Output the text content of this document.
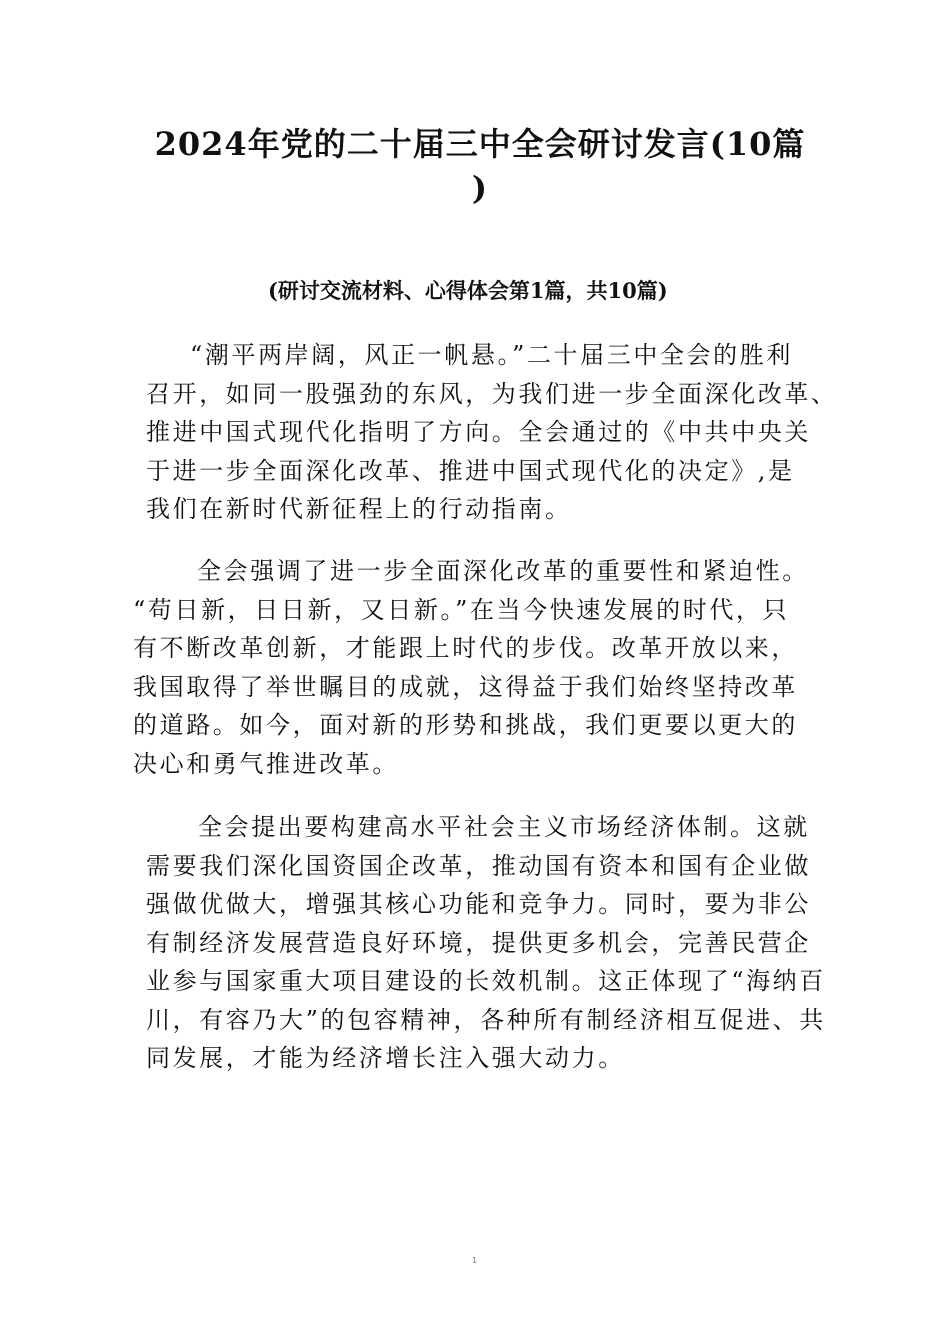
2024年党的二十届三中全会研讨发言(10篇 )
(研讨交流材料、心得体会第1篇，共10篇)
“潮平两岸阔，风正一帆悬。”二十届三中全会的胜利
召开，如同一股强劲的东风，为我们进一步全面深化改革、
推进中国式现代化指明了方向。全会通过的《中共中央关
于进一步全面深化改革、推进中国式现代化的决定》,是
我们在新时代新征程上的行动指南。
全会强调了进一步全面深化改革的重要性和紧迫性。
“苟日新，日日新，又日新。”在当今快速发展的时代，只
有不断改革创新，才能跟上时代的步伐。改革开放以来，
我国取得了举世瞩目的成就，这得益于我们始终坚持改革
的道路。如今，面对新的形势和挑战，我们更要以更大的
决心和勇气推进改革。
全会提出要构建高水平社会主义市场经济体制。这就
需要我们深化国资国企改革，推动国有资本和国有企业做
强做优做大，增强其核心功能和竞争力。同时，要为非公
有制经济发展营造良好环境，提供更多机会，完善民营企
业参与国家重大项目建设的长效机制。这正体现了“海纳百
川，有容乃大”的包容精神，各种所有制经济相互促进、共
同发展，才能为经济增长注入强大动力。
1
